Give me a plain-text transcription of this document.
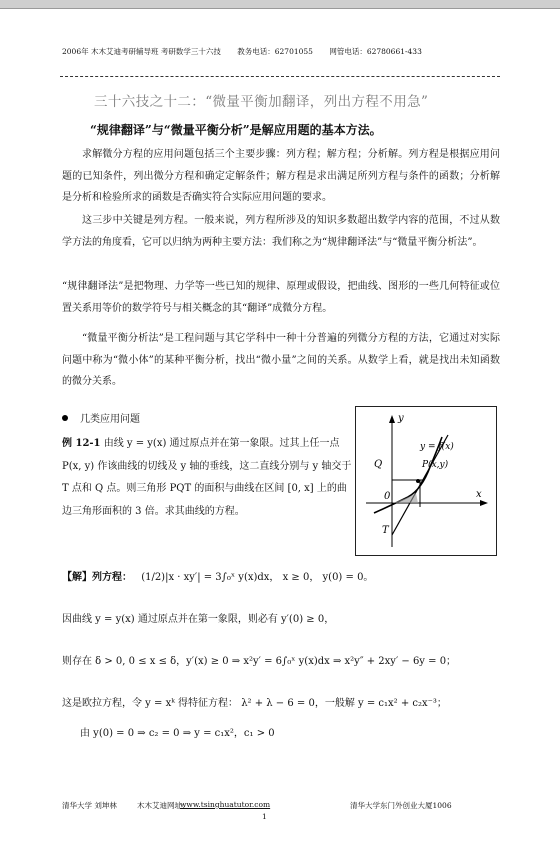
2006年 木木艾迪考研辅导班 考研数学三十六技 教务电话：62701055 网管电话：62780661-433
三十六技之十二：“微量平衡加翻译，列出方程不用急”
“规律翻译”与“微量平衡分析”是解应用题的基本方法。
求解微分方程的应用问题包括三个主要步骤：列方程；解方程；分析解。列方程是根据应用问题的已知条件，列出微分方程和确定定解条件；解方程是求出满足所列方程与条件的函数；分析解是分析和检验所求的函数是否确实符合实际应用问题的要求。
这三步中关键是列方程。一般来说，列方程所涉及的知识多数超出数学内容的范围，不过从数学方法的角度看，它可以归纳为两种主要方法：我们称之为“规律翻译法”与“微量平衡分析法”。
“规律翻译法”是把物理、力学等一些已知的规律、原理或假设，把曲线、图形的一些几何特征或位置关系用等价的数学符号与相关概念的其“翻译”成微分方程。
“微量平衡分析法”是工程问题与其它学科中一种十分普遍的列微分方程的方法，它通过对实际问题中称为“微小体”的某种平衡分析，找出“微小量”之间的关系。从数学上看，就是找出未知函数的微分关系。
几类应用问题
例 12-1 由线 y = y(x) 通过原点并在第一象限。过其上任一点 P(x, y) 作该曲线的切线及 y 轴的垂线，这二直线分别与 y 轴交于 T 点和 Q 点。则三角形 PQT 的面积与曲线在区间 [0, x] 上的曲边三角形面积的 3 倍。求其曲线的方程。
y
x
y = f(x)
P(x,y)
Q
0
T
【解】列方程： (1/2)|x · xy′| = 3∫₀ˣ y(x)dx， x ≥ 0， y(0) = 0。
因曲线 y = y(x) 通过原点并在第一象限，则必有 y′(0) ≥ 0，
则存在 δ > 0, 0 ≤ x ≤ δ，y′(x) ≥ 0 ⇒ x²y′ = 6∫₀ˣ y(x)dx ⇒ x²y″ + 2xy′ − 6y = 0；
这是欧拉方程，令 y = xᵏ 得特征方程： λ² + λ − 6 = 0，一般解 y = c₁x² + c₂x⁻³；
由 y(0) = 0 ⇒ c₂ = 0 ⇒ y = c₁x²，c₁ > 0
清华大学 刘坤林	木木艾迪网址：
www.tsinghuatutor.com	清华大学东门外创业大厦1006
1
